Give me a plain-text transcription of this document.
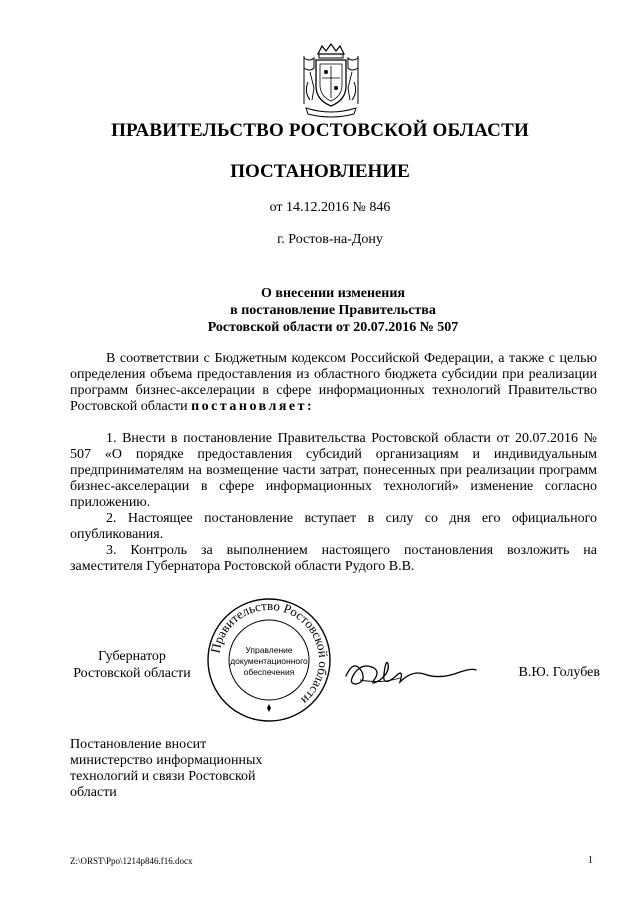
ПРАВИТЕЛЬСТВО РОСТОВСКОЙ ОБЛАСТИ
ПОСТАНОВЛЕНИЕ
от 14.12.2016 № 846
г. Ростов-на-Дону
О внесении изменения
в постановление Правительства
Ростовской области от 20.07.2016 № 507

В соответствии с Бюджетным кодексом Российской Федерации, а также с целью определения объема предоставления из областного бюджета субсидии при реализации программ бизнес-акселерации в сфере информационных технологий Правительство Ростовской области постановляет:

1. Внести в постановление Правительства Ростовской области от 20.07.2016 № 507 «О порядке предоставления субсидий организациям и индивидуальным предпринимателям на возмещение части затрат, понесенных при реализации программ бизнес-акселерации в сфере информационных технологий» изменение согласно приложению.

2. Настоящее постановление вступает в силу со дня его официального опубликования.

3. Контроль за выполнением настоящего постановления возложить на заместителя Губернатора Ростовской области Рудого В.В.

Губернатор
Ростовской области
Правительство Ростовской области
Управление
документационного
обеспечения	В.Ю. Голубев
Постановление вносит
министерство информационных
технологий и связи Ростовской
области
Z:\ORST\Ppo\1214p846.f16.docx	1
